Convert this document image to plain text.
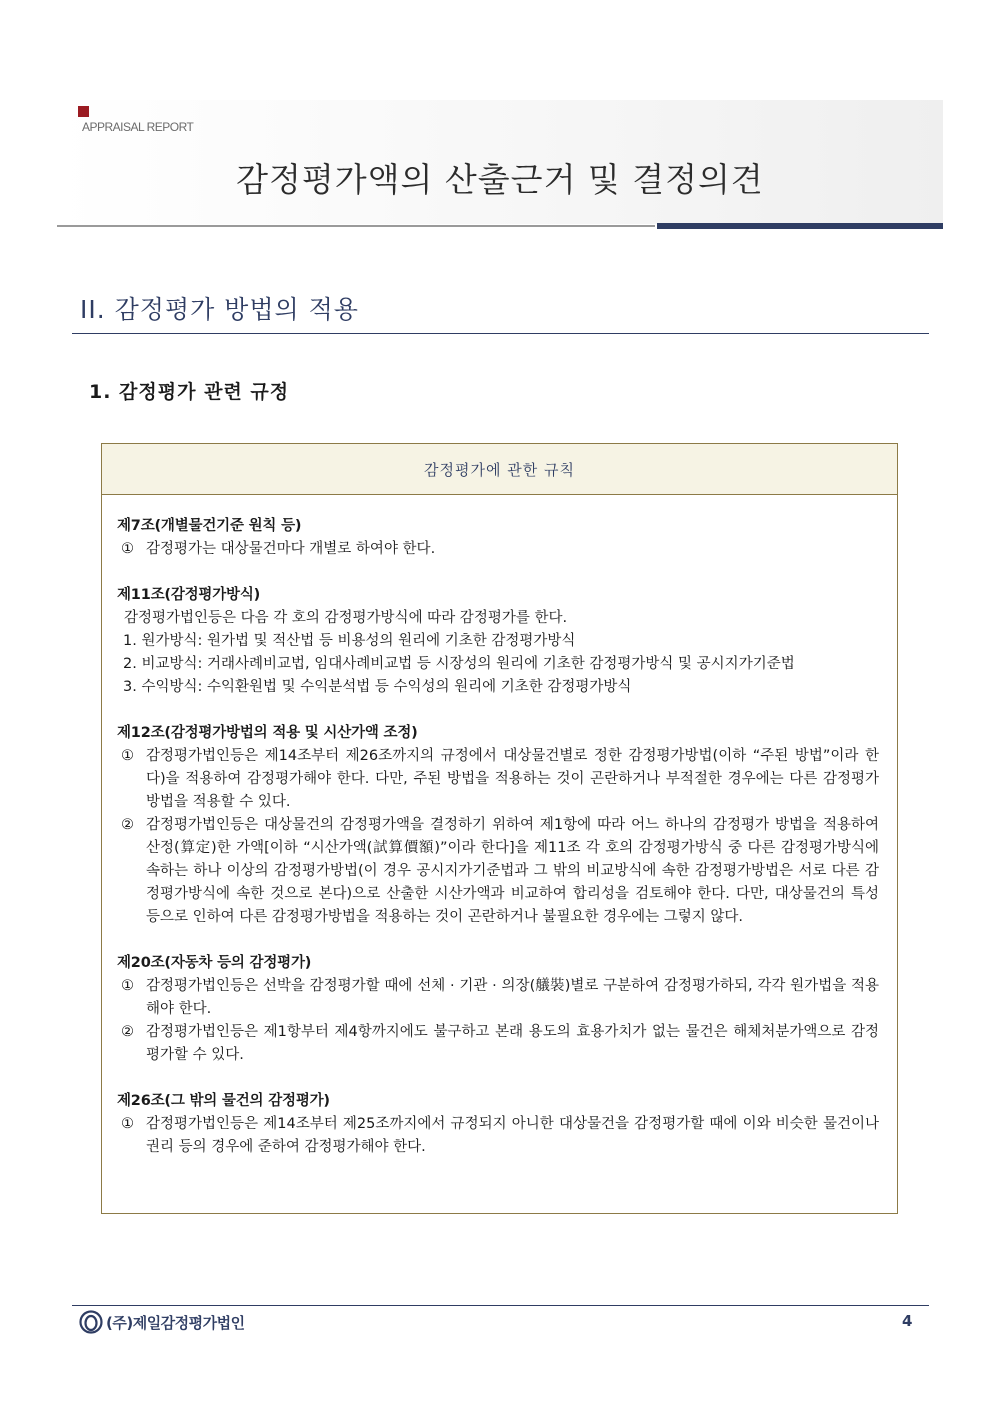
APPRAISAL REPORT
감정평가액의 산출근거 및 결정의견
II. 감정평가 방법의 적용
1. 감정평가 관련 규정
감정평가에 관한 규칙
제7조(개별물건기준 원칙 등)
① 감정평가는 대상물건마다 개별로 하여야 한다.
제11조(감정평가방식)
감정평가법인등은 다음 각 호의 감정평가방식에 따라 감정평가를 한다.
1. 원가방식: 원가법 및 적산법 등 비용성의 원리에 기초한 감정평가방식
2. 비교방식: 거래사례비교법, 임대사례비교법 등 시장성의 원리에 기초한 감정평가방식 및 공시지가기준법
3. 수익방식: 수익환원법 및 수익분석법 등 수익성의 원리에 기초한 감정평가방식
제12조(감정평가방법의 적용 및 시산가액 조정)
① 감정평가법인등은 제14조부터 제26조까지의 규정에서 대상물건별로 정한 감정평가방법(이하 “주된 방법”이라 한다)을 적용하여 감정평가해야 한다. 다만, 주된 방법을 적용하는 것이 곤란하거나 부적절한 경우에는 다른 감정평가방법을 적용할 수 있다.
② 감정평가법인등은 대상물건의 감정평가액을 결정하기 위하여 제1항에 따라 어느 하나의 감정평가 방법을 적용하여 산정(算定)한 가액[이하 “시산가액(試算價額)”이라 한다]을 제11조 각 호의 감정평가방식 중 다른 감정평가방식에 속하는 하나 이상의 감정평가방법(이 경우 공시지가기준법과 그 밖의 비교방식에 속한 감정평가방법은 서로 다른 감정평가방식에 속한 것으로 본다)으로 산출한 시산가액과 비교하여 합리성을 검토해야 한다. 다만, 대상물건의 특성 등으로 인하여 다른 감정평가방법을 적용하는 것이 곤란하거나 불필요한 경우에는 그렇지 않다.
제20조(자동차 등의 감정평가)
① 감정평가법인등은 선박을 감정평가할 때에 선체 · 기관 · 의장(艤裝)별로 구분하여 감정평가하되, 각각 원가법을 적용해야 한다.
② 감정평가법인등은 제1항부터 제4항까지에도 불구하고 본래 용도의 효용가치가 없는 물건은 해체처분가액으로 감정평가할 수 있다.
제26조(그 밖의 물건의 감정평가)
① 감정평가법인등은 제14조부터 제25조까지에서 규정되지 아니한 대상물건을 감정평가할 때에 이와 비슷한 물건이나 권리 등의 경우에 준하여 감정평가해야 한다.
(주)제일감정평가법인	4
